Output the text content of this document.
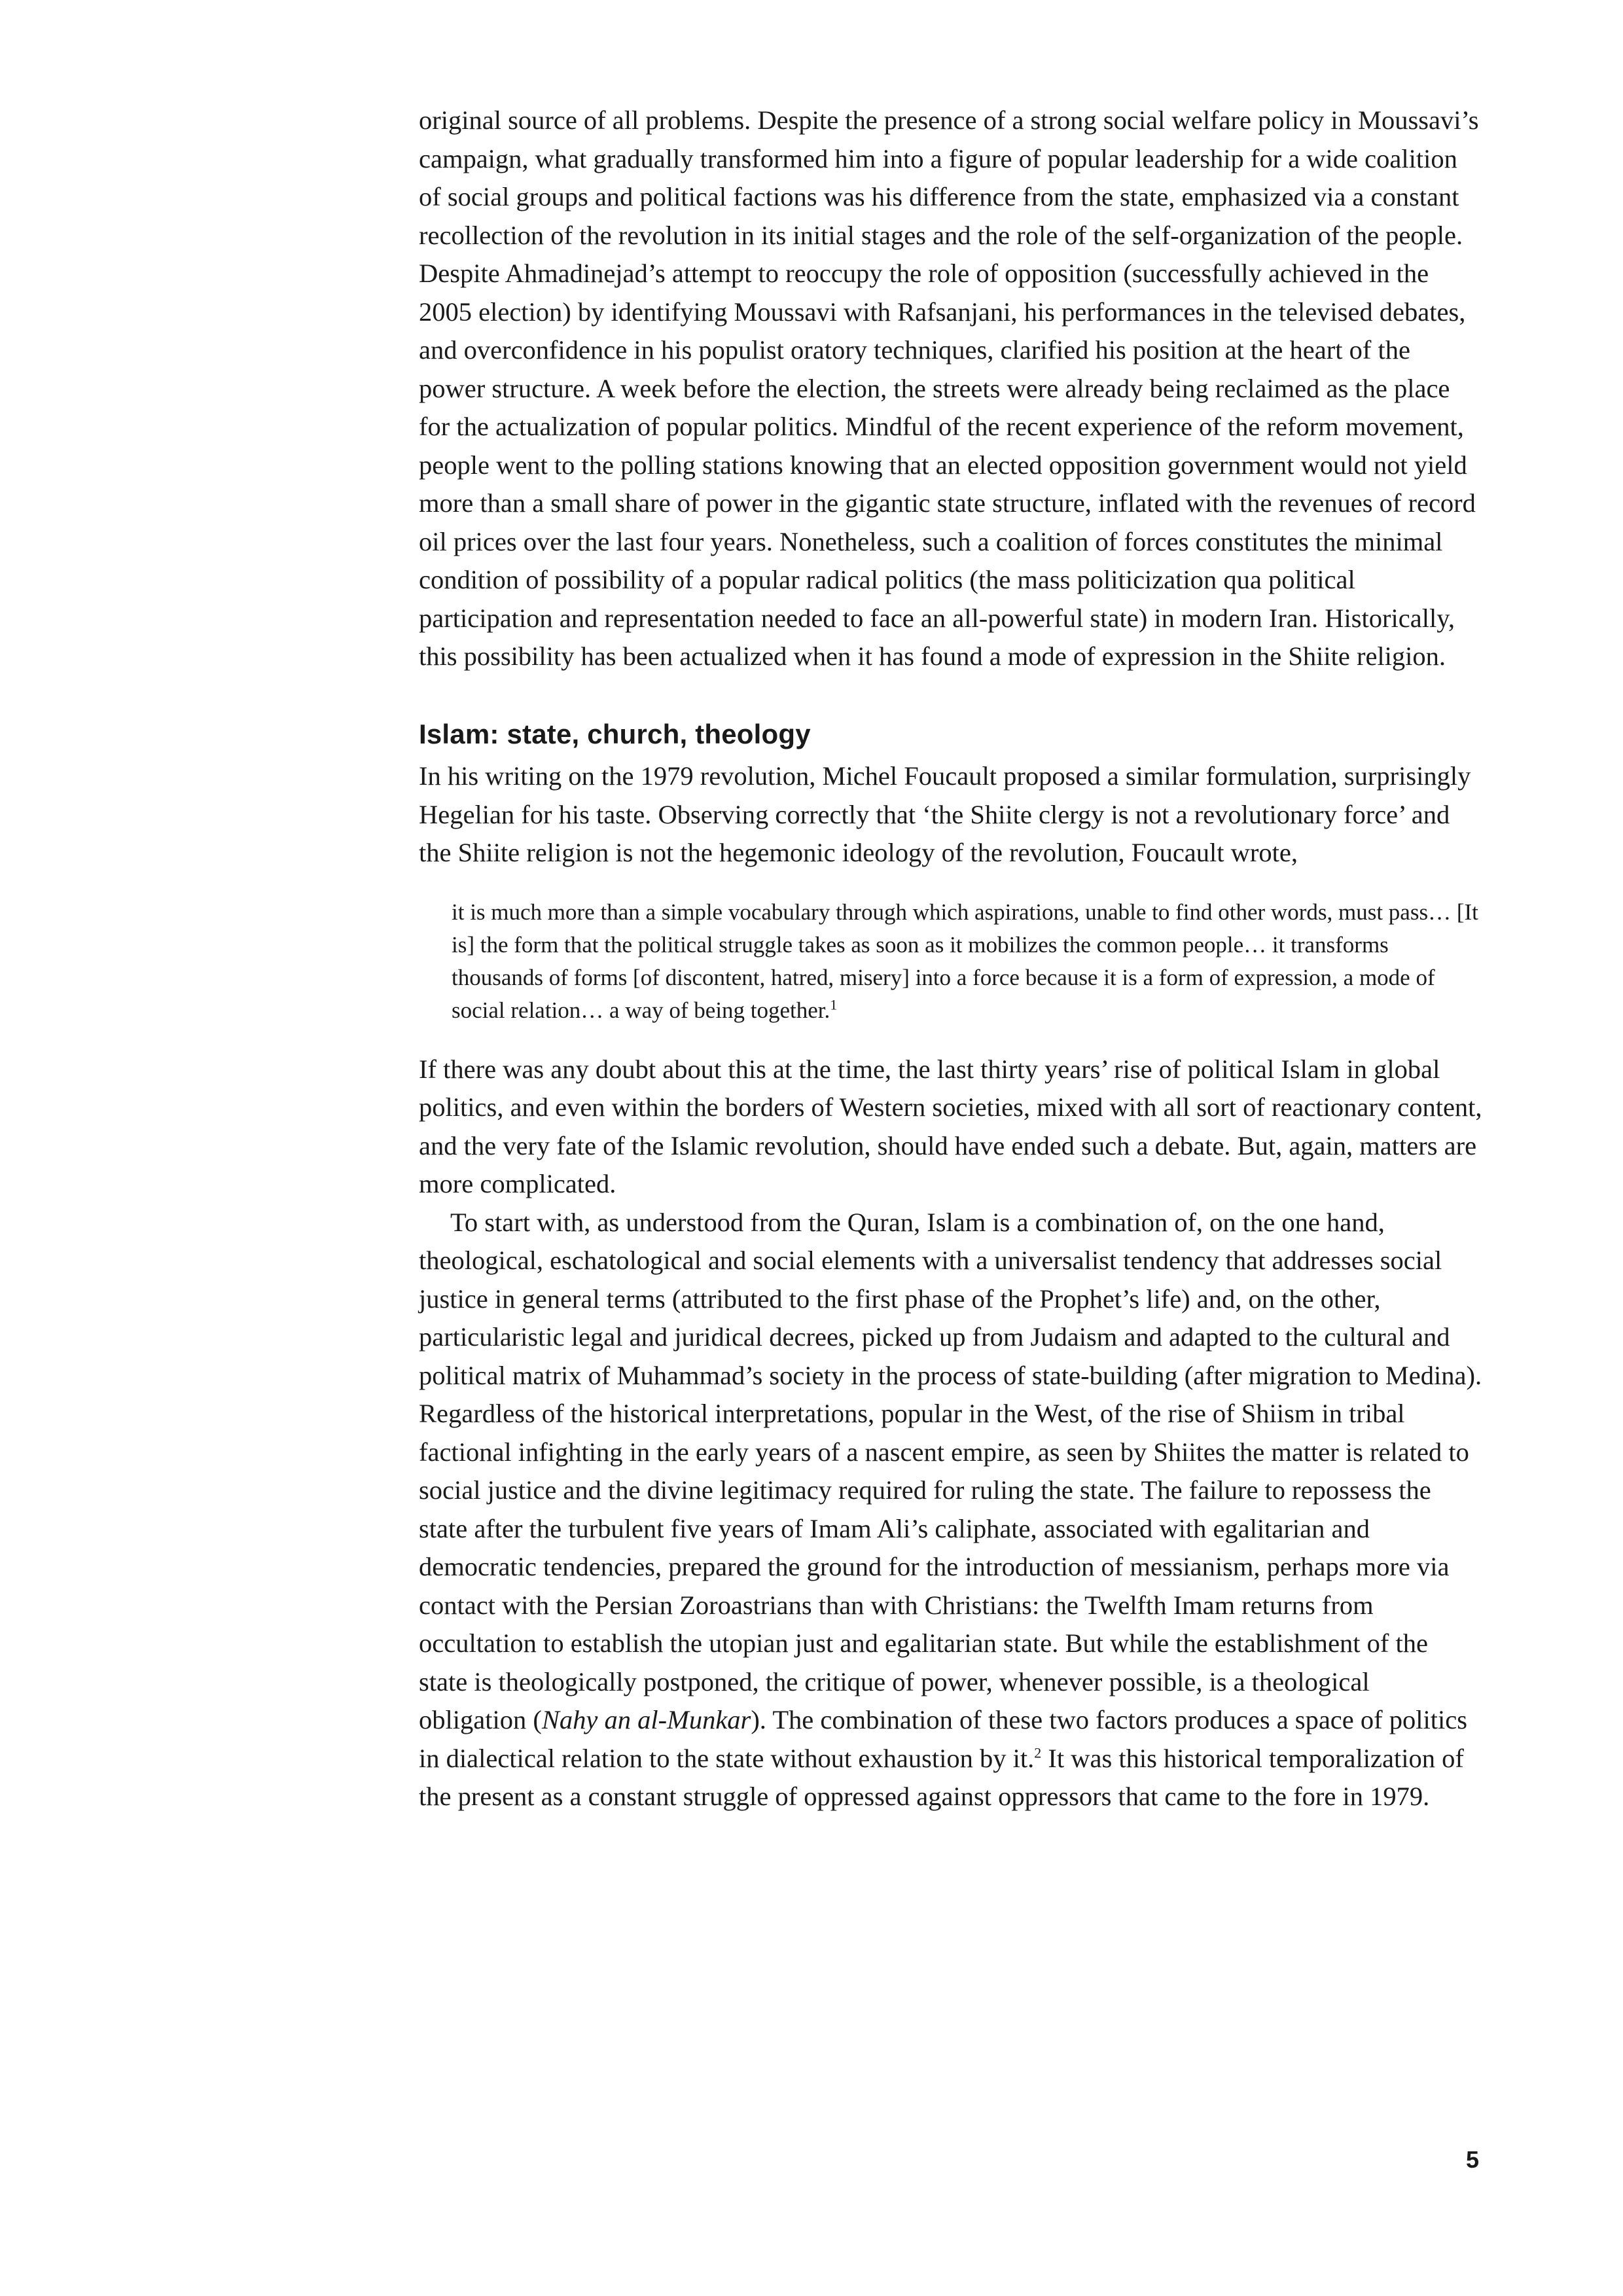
original source of all problems. Despite the presence of a strong social welfare policy in Moussavi’s campaign, what gradually transformed him into a figure of popular leadership for a wide coalition of social groups and political factions was his difference from the state, emphasized via a constant recollection of the revolution in its initial stages and the role of the self-organization of the people. Despite Ahmadinejad’s attempt to reoccupy the role of opposition (successfully achieved in the 2005 election) by identifying Moussavi with Rafsanjani, his performances in the televised debates, and overconfidence in his populist oratory techniques, clarified his position at the heart of the power structure. A week before the election, the streets were already being reclaimed as the place for the actualization of popular politics. Mindful of the recent experience of the reform movement, people went to the polling stations knowing that an elected opposition government would not yield more than a small share of power in the gigantic state structure, inflated with the revenues of record oil prices over the last four years. Nonetheless, such a coalition of forces constitutes the minimal condition of possibility of a popular radical politics (the mass politicization qua political participation and representation needed to face an all-powerful state) in modern Iran. Historically, this possibility has been actualized when it has found a mode of expression in the Shiite religion.

Islam: state, church, theology

In his writing on the 1979 revolution, Michel Foucault proposed a similar formulation, surprisingly Hegelian for his taste. Observing correctly that ‘the Shiite clergy is not a revolutionary force’ and the Shiite religion is not the hegemonic ideology of the revolution, Foucault wrote,

it is much more than a simple vocabulary through which aspirations, unable to find other words, must pass… [It is] the form that the political struggle takes as soon as it mobilizes the common people… it transforms thousands of forms [of discontent, hatred, misery] into a force because it is a form of expression, a mode of social relation… a way of being together.$^1$

If there was any doubt about this at the time, the last thirty years’ rise of political Islam in global politics, and even within the borders of Western societies, mixed with all sort of reactionary content, and the very fate of the Islamic revolution, should have ended such a debate. But, again, matters are more complicated.

To start with, as understood from the Quran, Islam is a combination of, on the one hand, theological, eschatological and social elements with a universalist tendency that addresses social justice in general terms (attributed to the first phase of the Prophet’s life) and, on the other, particularistic legal and juridical decrees, picked up from Judaism and adapted to the cultural and political matrix of Muhammad’s society in the process of state-building (after migration to Medina). Regardless of the historical interpretations, popular in the West, of the rise of Shiism in tribal factional infighting in the early years of a nascent empire, as seen by Shiites the matter is related to social justice and the divine legitimacy required for ruling the state. The failure to repossess the state after the turbulent five years of Imam Ali’s caliphate, associated with egalitarian and democratic tendencies, prepared the ground for the introduction of messianism, perhaps more via contact with the Persian Zoroastrians than with Christians: the Twelfth Imam returns from occultation to establish the utopian just and egalitarian state. But while the establishment of the state is theologically postponed, the critique of power, whenever possible, is a theological obligation (Nahy an al-Munkar). The combination of these two factors produces a space of politics in dialectical relation to the state without exhaustion by it.$^2$ It was this historical temporalization of the present as a constant struggle of oppressed against oppressors that came to the fore in 1979.

5
